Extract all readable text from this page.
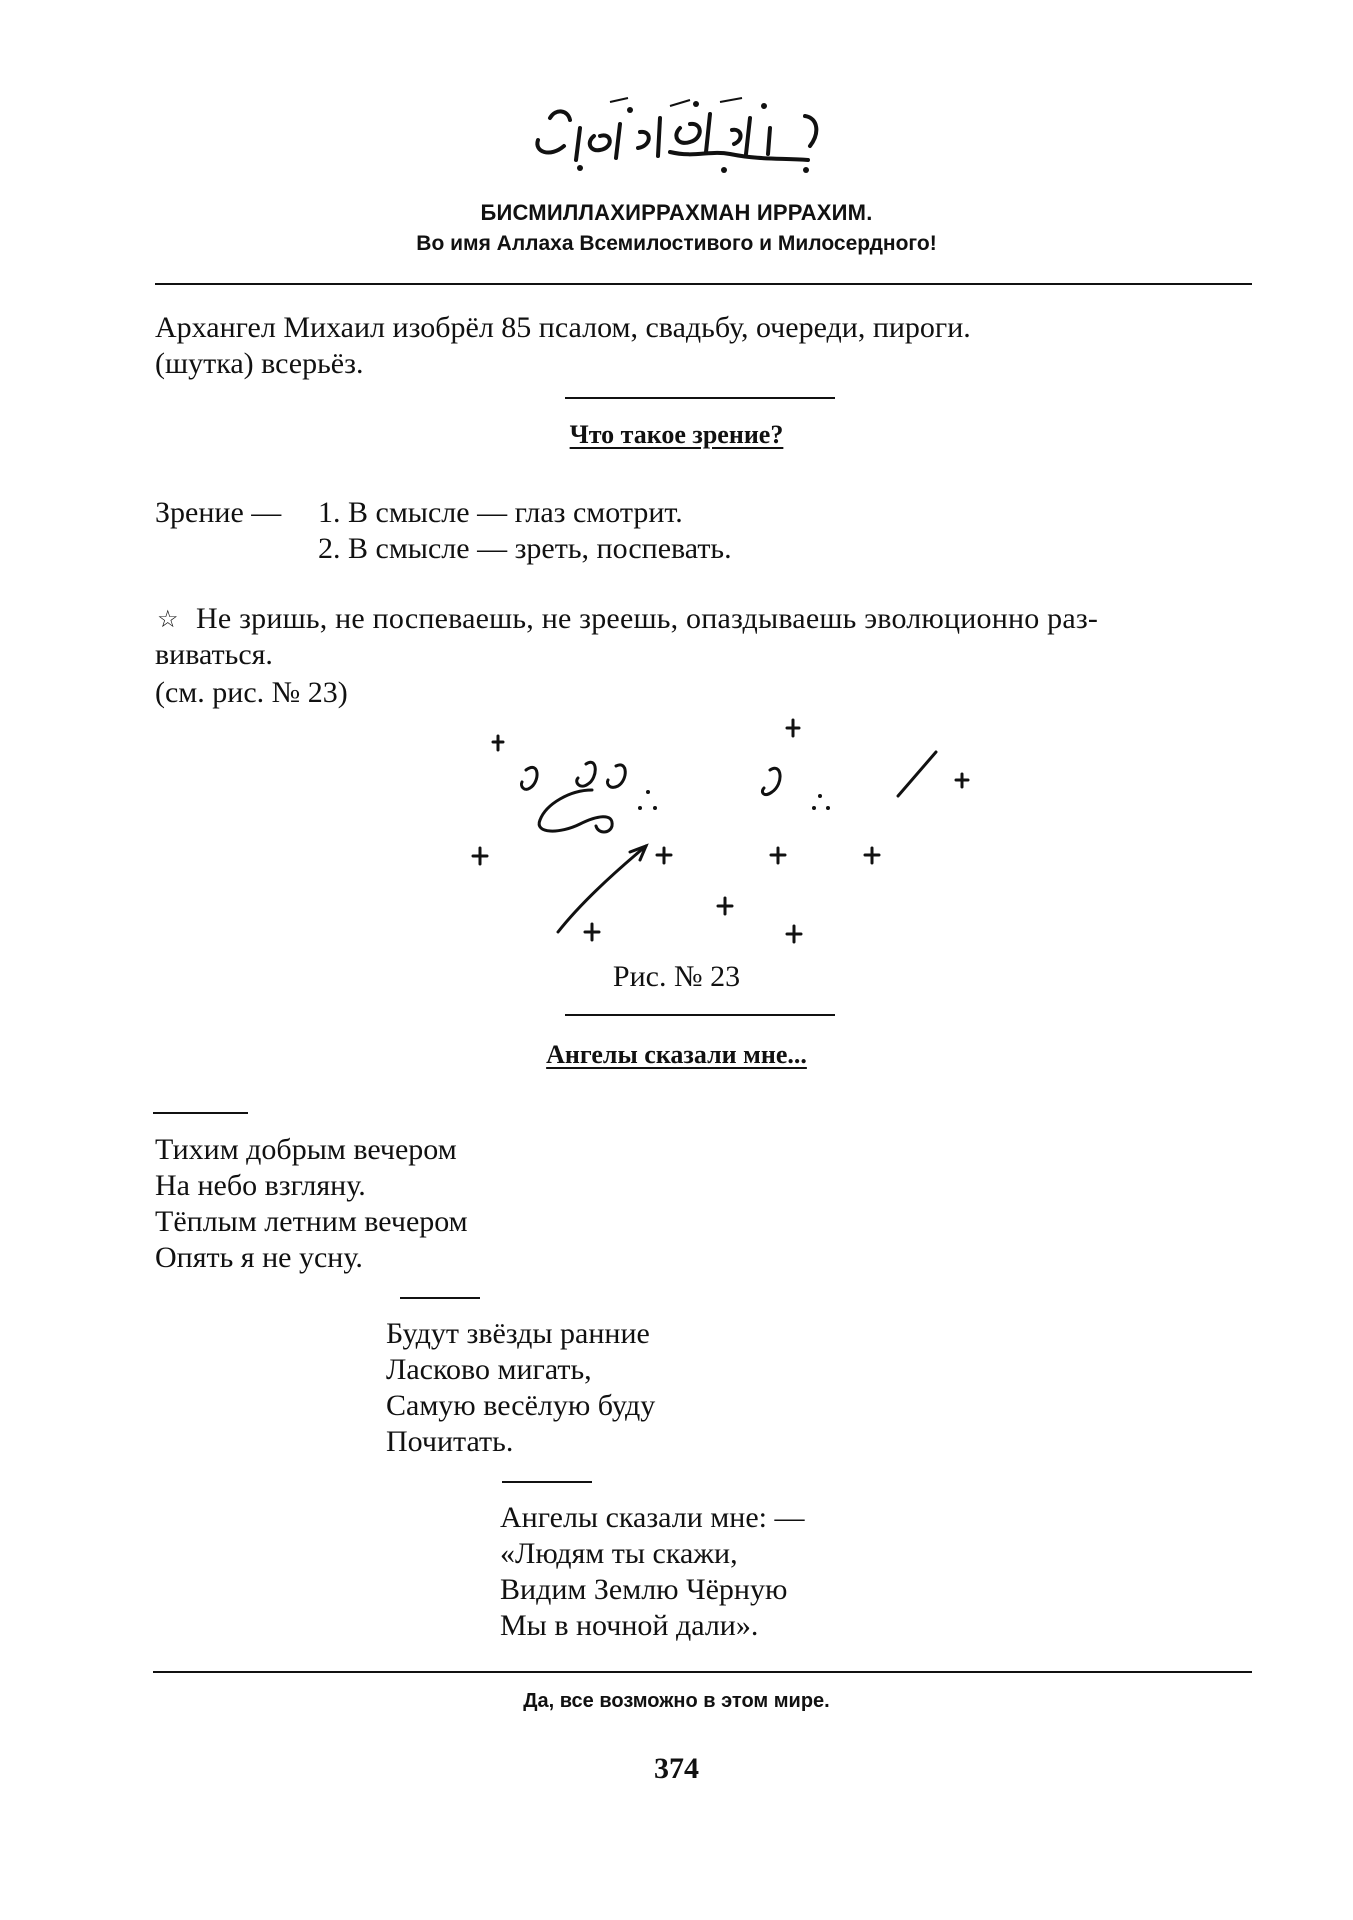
БИСМИЛЛАХИРРАХМАН ИРРАХИМ.
Во имя Аллаха Всемилостивого и Милосердного!
Архангел Михаил изобрёл 85 псалом, свадьбу, очереди, пироги.
(шутка) всерьёз.
Что такое зрение?
Зрение — 1. В смысле — глаз смотрит.
2. В смысле — зреть, поспевать.
☆ Не зришь, не поспеваешь, не зреешь, опаздываешь эволюционно раз-
виваться.
(см. рис. № 23)
Рис. № 23
Ангелы сказали мне...
Тихим добрым вечером
На небо взгляну.
Тёплым летним вечером
Опять я не усну.
Будут звёзды ранние
Ласково мигать,
Самую весёлую буду
Почитать.
Ангелы сказали мне: —
«Людям ты скажи,
Видим Землю Чёрную
Мы в ночной дали».
Да, все возможно в этом мире.
374
